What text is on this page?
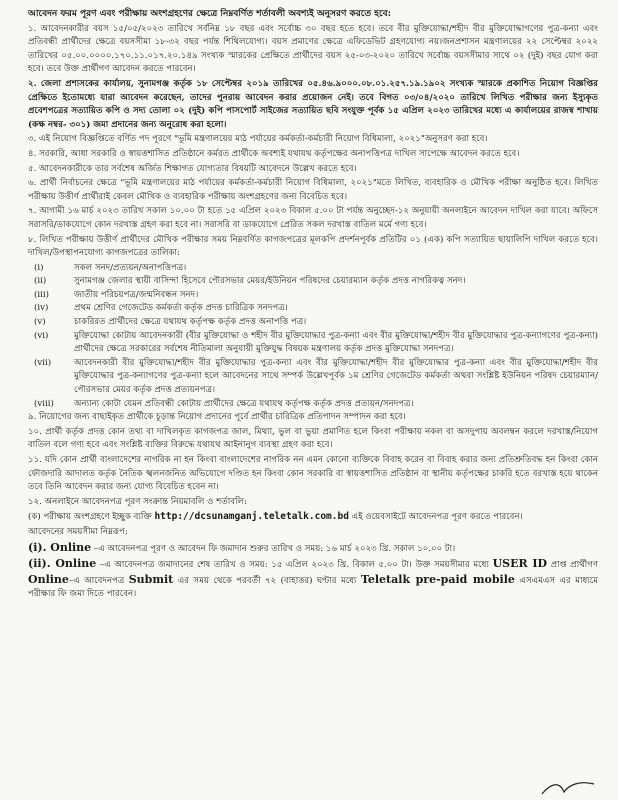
আবেদন ফরম পূরণ এবং পরীক্ষায় অংশগ্রহণের ক্ষেত্রে নিম্নবর্ণিত শর্তাবলী অবশ্যই অনুসরণ করতে হবে:

১. আবেদনকারীর বয়স ১৫/০৫/২০২৩ তারিখে সর্বনিম্ন ১৮ বছর এবং সর্বোচ্চ ৩০ বছর হতে হবে। তবে বীর মুক্তিযোদ্ধা/শহীদ বীর মুক্তিযোদ্ধাগণের পুত্র-কন্যা এবং প্রতিবন্ধী প্রার্থীদের ক্ষেত্রে বয়সসীমা ১৮-৩২ বছর পর্যন্ত শিথিলযোগ্য। বয়স প্রমাণের ক্ষেত্রে এফিডেভিট গ্রহণযোগ্য নয়।জনপ্রশাসন মন্ত্রণালয়ের ২২ সেপ্টেম্বর ২০২২ তারিখের ০৫.০০.০০০০.১৭০.১১.০১৭.২০.১৪৯ সংখ্যক স্মারকের প্রেক্ষিতে প্রার্থীদের বয়স ২৫-০৩-২০২০ তারিখে সর্বোচ্চ বয়সসীমার সাথে ০২ (দুই) বছর যোগ করা হবে। তবে উক্ত প্রার্থীগণ আবেদন করতে পারবেন।

২. জেলা প্রশাসকের কার্যালয়, সুনামগঞ্জ কর্তৃক ১৮ সেপ্টেম্বর ২০১৯ তারিখের ০৫.৪৬.৯০০০.০৮.০১.২৫৭.১৯.১৯০২ সংখ্যক স্মারকে প্রকাশিত নিয়োগ বিজ্ঞপ্তির প্রেক্ষিতে ইতোমধ্যে যারা আবেদন করেছেন, তাদের পুনরায় আবেদন করার প্রয়োজন নেই। তবে বিগত ০৩/০৪/২০২০ তারিখে লিখিত পরীক্ষার জন্য ইস্যুকৃত প্রবেশপত্রের সত্যায়িত কপি ও সদ্য তোলা ০২ (দুই) কপি পাসপোর্ট সাইজের সত্যায়িত ছবি সংযুক্ত পূর্বক ১৫ এপ্রিল ২০২৩ তারিখের মধ্যে এ কার্যালয়ের রাজস্ব শাখায় (কক্ষ নম্বর- ৩০১) জমা প্রদানের জন্য অনুরোধ করা হলো।

৩. এই নিয়োগ বিজ্ঞপ্তিতে বর্ণিত পদ পূরণে "ভূমি মন্ত্রণালয়ের মাঠ পর্যায়ের কর্মকর্তা-কর্মচারী নিয়োগ বিধিমালা, ২০২১"অনুসরণ করা হবে।

৪. সরকারি, আধা সরকারি ও স্বায়ত্তশাসিত প্রতিষ্ঠানে কর্মরত প্রার্থীকে অবশ্যই যথাযথ কর্তৃপক্ষের অনাপত্তিপত্র দাখিল সাপেক্ষে আবেদন করতে হবে।

৫. আবেদনকারীকে তার সর্বশেষ অর্জিত শিক্ষাগত যোগ্যতার বিষয়টি আবেদনে উল্লেখ করতে হবে।

৬. প্রার্থী নির্বাচনের ক্ষেত্রে "ভূমি মন্ত্রণালয়ের মাঠ পর্যায়ের কর্মকর্তা-কর্মচারী নিয়োগ বিধিমালা, ২০২১"মতে লিখিত, ব্যবহারিক ও মৌখিক পরীক্ষা অনুষ্ঠিত হবে। লিখিত পরীক্ষায় উত্তীর্ণ প্রার্থীরাই কেবল মৌখিক ও ব্যবহারিক পরীক্ষায় অংশগ্রহণের জন্য বিবেচিত হবে।

৭. আগামী ১৬ মার্চ ২০২৩ তারিখ সকাল ১০.০০ টা হতে ১৫ এপ্রিল ২০২৩ বিকাল ৫.০০ টা পর্যন্ত অনুচ্ছেদ-১২ অনুযায়ী অনলাইনে আবেদন দাখিল করা যাবে। অফিসে সরাসরি/ডাকযোগে কোন দরখাস্ত গ্রহণ করা হবে না। সরাসরি বা ডাকযোগে প্রেরিত সকল দরখাস্ত বাতিল মর্মে গণ্য হবে।

৮. লিখিত পরীক্ষায় উত্তীর্ণ প্রার্থীদের মৌখিক পরীক্ষার সময় নিম্নবর্ণিত কাগজপত্রের মূলকপি প্রদর্শনপূর্বক প্রতিটির ০১ (এক) কপি সত্যায়িত ছায়ালিপি দাখিল করতে হবে। দাখিল/উপস্থাপনযোগ্য কাগজপত্রের তালিকা:

(i)	সকল সনদ/প্রত্যয়ন/অনাপত্তিপত্র।
(ii)	সুনামগঞ্জ জেলার স্থায়ী বাসিন্দা হিসেবে পৌরসভার মেয়র/ইউনিয়ন পরিষদের চেয়ারম্যান কর্তৃক প্রদত্ত নাগরিকত্ব সনদ।
(iii)	জাতীয় পরিচয়পত্র/জন্মনিবন্ধন সনদ।
(iv)	প্রথম শ্রেণির গেজেটেড কর্মকর্তা কর্তৃক প্রদত্ত চারিত্রিক সনদপত্র।
(v)	চাকরিরত প্রার্থীদের ক্ষেত্রে যথাযথ কর্তৃপক্ষ কর্তৃক প্রদত্ত অনাপত্তি পত্র।
(vi)	মুক্তিযোদ্ধা কোটায় আবেদনকারী (বীর মুক্তিযোদ্ধা ও শহীদ বীর মুক্তিযোদ্ধার পুত্র-কন্যা এবং বীর মুক্তিযোদ্ধা/শহীদ বীর মুক্তিযোদ্ধার পুত্র-কন্যাগণের পুত্র-কন্যা) প্রার্থীদের ক্ষেত্রে সরকারের সর্বশেষ নীতিমালা অনুযায়ী মুক্তিযুদ্ধ বিষয়ক মন্ত্রণালয় কর্তৃক প্রদত্ত মুক্তিযোদ্ধা সনদপত্র।
(vii)	আবেদনকারী বীর মুক্তিযোদ্ধা/শহীদ বীর মুক্তিযোদ্ধার পুত্র-কন্যা এবং বীর মুক্তিযোদ্ধা/শহীদ বীর মুক্তিযোদ্ধার পুত্র-কন্যা এবং বীর মুক্তিযোদ্ধা/শহীদ বীর মুক্তিযোদ্ধার পুত্র-কন্যাগণের পুত্র-কন্যা হলে আবেদনের সাথে সম্পর্ক উল্লেখপূর্বক ১ম শ্রেণির গেজেটেড কর্মকর্তা অথবা সংশ্লিষ্ট ইউনিয়ন পরিষদ চেয়ারম্যান/পৌরসভার মেয়র কর্তৃক প্রদত্ত প্রত্যয়নপত্র।
(viii)	অন্যান্য কোটা যেমন প্রতিবন্ধী কোটায় প্রার্থীদের ক্ষেত্রে যথাযথ কর্তৃপক্ষ কর্তৃক প্রদত্ত প্রত্যয়ন/সনদপত্র।

৯. নিয়োগের জন্য বাছাইকৃত প্রার্থীকে চূড়ান্ত নিয়োগ প্রদানের পূর্বে প্রার্থীর চারিত্রিক প্রতিপাদন সম্পাদন করা হবে।

১০. প্রার্থী কর্তৃক প্রদত্ত কোন তথ্য বা দাখিলকৃত কাগজপত্র জাল, মিথ্যা, ভুল বা ভুয়া প্রমাণিত হলে কিংবা পরীক্ষায় নকল বা অসদুপায় অবলম্বন করলে দরখাস্ত/নিয়োগ বাতিল বলে গণ্য হবে এবং সংশ্লিষ্ট ব্যক্তির বিরুদ্ধে যথাযথ আইনানুগ ব্যবস্থা গ্রহণ করা হবে।

১১. যদি কোন প্রার্থী বাংলাদেশের নাগরিক না হন কিংবা বাংলাদেশের নাগরিক নন এমন কোনো ব্যক্তিকে বিবাহ করেন বা বিবাহ করার জন্য প্রতিশ্রুতিবদ্ধ হন কিংবা কোন ফৌজদারি আদালত কর্তৃক নৈতিক স্খলনজনিত অভিযোগে দণ্ডিত হন কিংবা কোন সরকারি বা স্বায়ত্তশাসিত প্রতিষ্ঠান বা স্থানীয় কর্তৃপক্ষের চাকরি হতে বরখাস্ত হয়ে থাকেন তবে তিনি আবেদন করার জন্য যোগ্য বিবেচিত হবেন না।

১২. অনলাইনে আবেদনপত্র পূরণ সংক্রান্ত নিয়মাবলি ও শর্তাবলি:

(ক) পরীক্ষায় অংশগ্রহণে ইচ্ছুক ব্যক্তি http://dcsunamganj.teletalk.com.bd এই ওয়েবসাইটে আবেদনপত্র পূরণ করতে পারবেন।

আবেদনের সময়সীমা নিম্নরূপ:

(i). Online –এ আবেদনপত্র পূরণ ও আবেদন ফি জমাদান শুরুর তারিখ ও সময়: ১৬ মার্চ ২০২৩ খ্রি. সকাল ১০.০০ টা।

(ii). Online –এ আবেদনপত্র জমাদানের শেষ তারিখ ও সময়: ১৫ এপ্রিল ২০২৩ খ্রি. বিকাল ৫.০০ টা। উক্ত সময়সীমার মধ্যে USER ID প্রাপ্ত প্রার্থীগণ Online–এ আবেদনপত্র Submit এর সময় থেকে পরবর্তী ৭২ (বাহাত্তর) ঘণ্টার মধ্যে Teletalk pre-paid mobile এসএমএস এর মাধ্যমে পরীক্ষার ফি জমা দিতে পারবেন।
